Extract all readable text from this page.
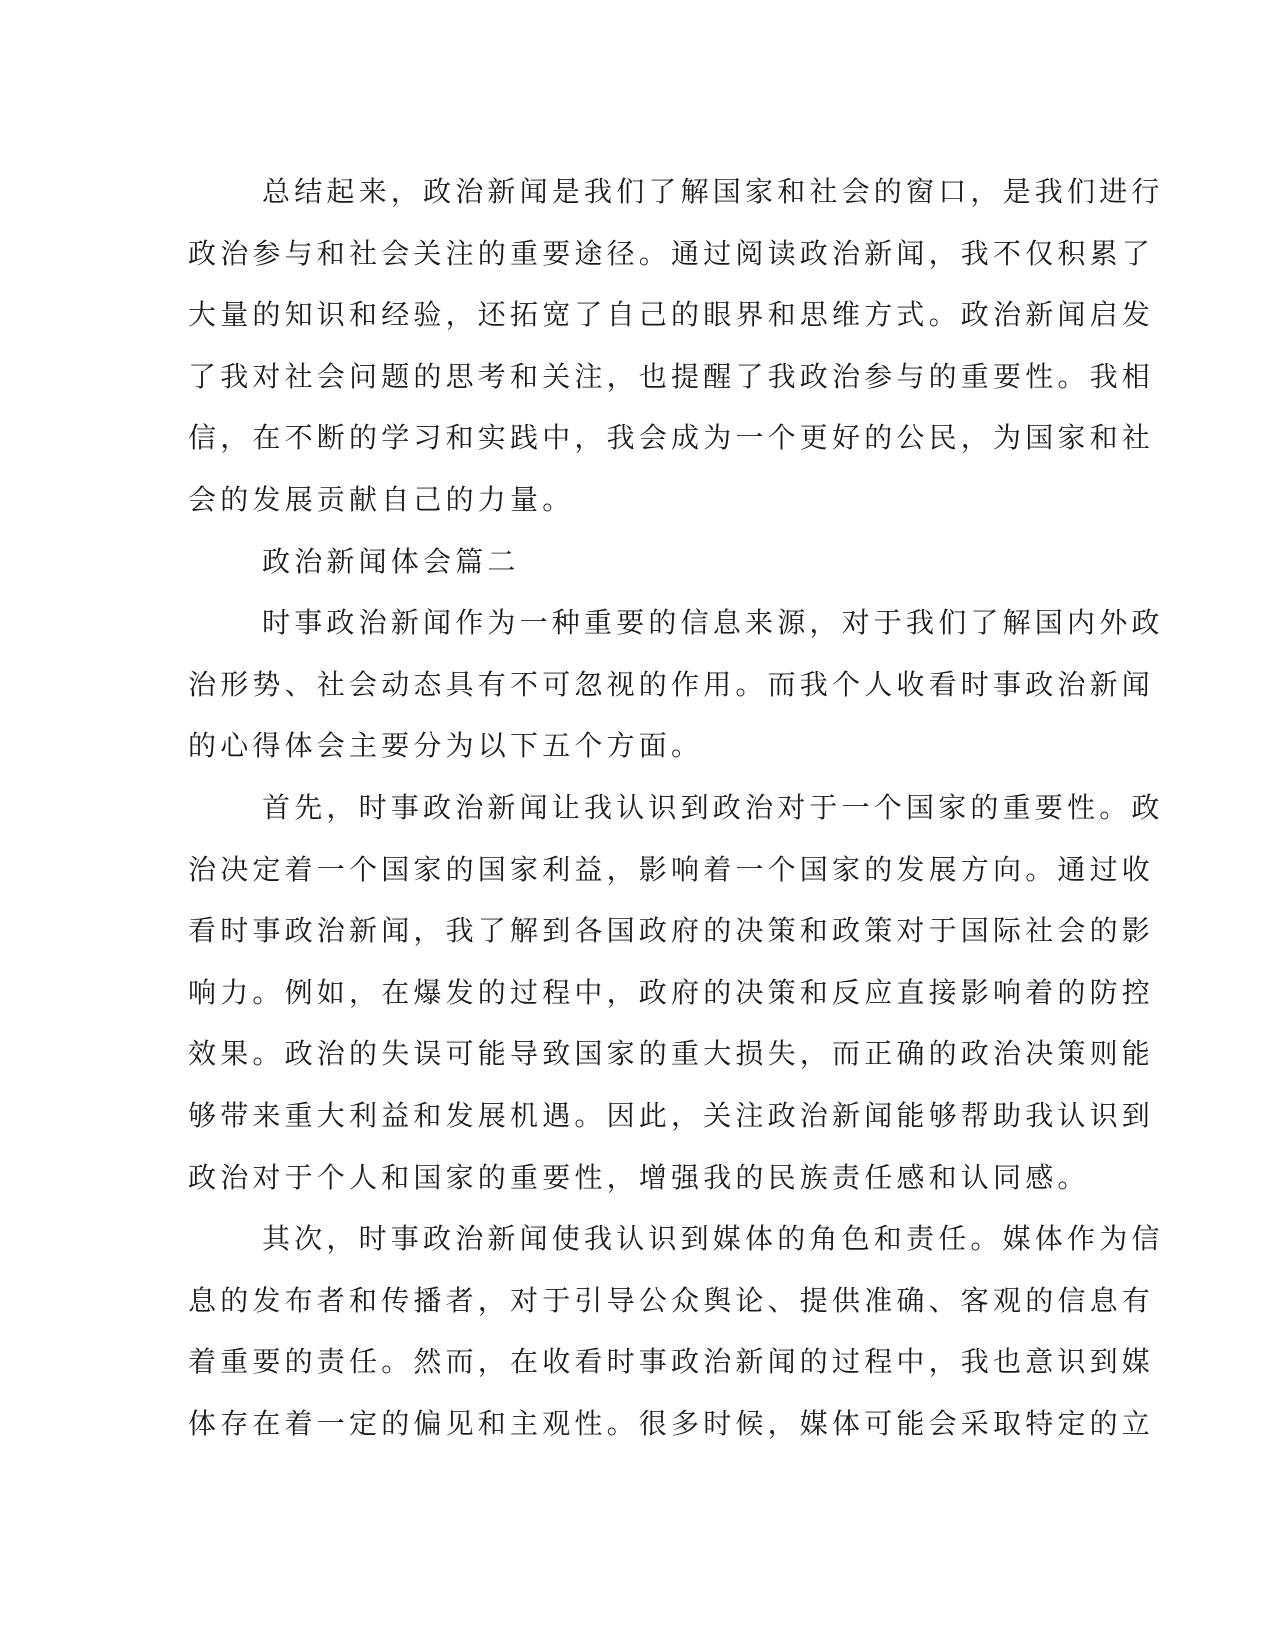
总结起来，政治新闻是我们了解国家和社会的窗口，是我们进行
政治参与和社会关注的重要途径。通过阅读政治新闻，我不仅积累了
大量的知识和经验，还拓宽了自己的眼界和思维方式。政治新闻启发
了我对社会问题的思考和关注，也提醒了我政治参与的重要性。我相
信，在不断的学习和实践中，我会成为一个更好的公民，为国家和社
会的发展贡献自己的力量。
政治新闻体会篇二
时事政治新闻作为一种重要的信息来源，对于我们了解国内外政
治形势、社会动态具有不可忽视的作用。而我个人收看时事政治新闻
的心得体会主要分为以下五个方面。
首先，时事政治新闻让我认识到政治对于一个国家的重要性。政
治决定着一个国家的国家利益，影响着一个国家的发展方向。通过收
看时事政治新闻，我了解到各国政府的决策和政策对于国际社会的影
响力。例如，在爆发的过程中，政府的决策和反应直接影响着的防控
效果。政治的失误可能导致国家的重大损失，而正确的政治决策则能
够带来重大利益和发展机遇。因此，关注政治新闻能够帮助我认识到
政治对于个人和国家的重要性，增强我的民族责任感和认同感。
其次，时事政治新闻使我认识到媒体的角色和责任。媒体作为信
息的发布者和传播者，对于引导公众舆论、提供准确、客观的信息有
着重要的责任。然而，在收看时事政治新闻的过程中，我也意识到媒
体存在着一定的偏见和主观性。很多时候，媒体可能会采取特定的立
